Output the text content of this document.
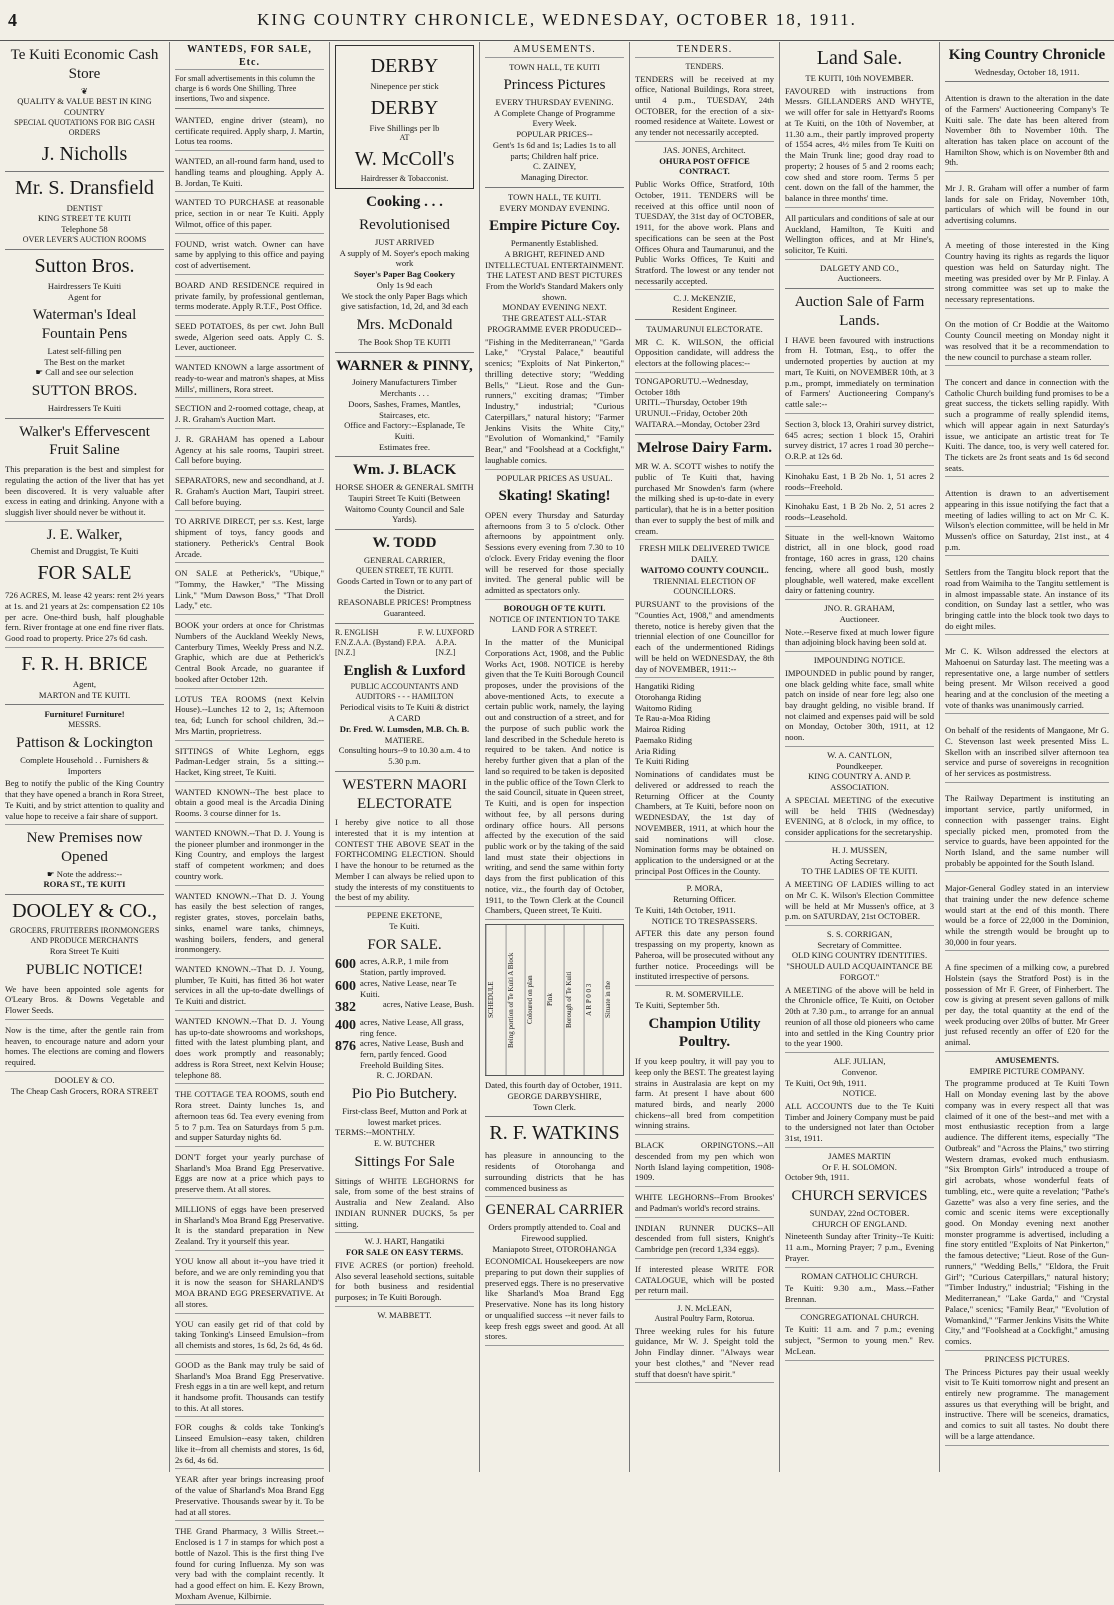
4	KING COUNTRY CHRONICLE, WEDNESDAY, OCTOBER 18, 1911.
Te Kuiti Economic Cash Store
❦
QUALITY & VALUE BEST IN KING COUNTRY
SPECIAL QUOTATIONS FOR BIG CASH ORDERS
J. Nicholls
Mr. S. Dransfield
DENTIST
KING STREET TE KUITI
Telephone 58
OVER LEVER'S AUCTION ROOMS
Sutton Bros.
Hairdressers Te Kuiti
Agent for
Waterman's Ideal Fountain Pens
Latest self-filling pen
The Best on the market
☛ Call and see our selection
SUTTON BROS.
Hairdressers Te Kuiti
Walker's Effervescent Fruit Saline
This preparation is the best and simplest for regulating the action of the liver that has yet been discovered. It is very valuable after excess in eating and drinking. Anyone with a sluggish liver should never be without it.
J. E. Walker,
Chemist and Druggist, Te Kuiti
FOR SALE
726 ACRES, M. lease 42 years: rent 2½ years at 1s. and 21 years at 2s: compensation £2 10s per acre. One-third bush, half ploughable fern. River frontage at one end fine river flats. Good road to property. Price 27s 6d cash.
F. R. H. BRICE
Agent,
MARTON and TE KUITI.
Furniture! Furniture!
MESSRS.
Pattison & Lockington
Complete Household . . Furnishers & Importers
Beg to notify the public of the King Country that they have opened a branch in Rora Street, Te Kuiti, and by strict attention to quality and value hope to receive a fair share of support.
New Premises now Opened
☛ Note the address:--
RORA ST., TE KUITI
DOOLEY & CO.,
GROCERS, FRUITERERS IRONMONGERS AND PRODUCE MERCHANTS
Rora Street Te Kuiti
PUBLIC NOTICE!
We have been appointed sole agents for O'Leary Bros. & Downs Vegetable and Flower Seeds.
Now is the time, after the gentle rain from heaven, to encourage nature and adorn your homes. The elections are coming and flowers required.
DOOLEY & CO.
The Cheap Cash Grocers, RORA STREET
WANTEDS, FOR SALE, Etc.
For small advertisements in this column the charge is 6 words One Shilling. Three insertions, Two and sixpence.
WANTED, engine driver (steam), no certificate required. Apply sharp, J. Martin, Lotus tea rooms.
WANTED, an all-round farm hand, used to handling teams and ploughing. Apply A. B. Jordan, Te Kuiti.
WANTED TO PURCHASE at reasonable price, section in or near Te Kuiti. Apply Wilmot, office of this paper.
FOUND, wrist watch. Owner can have same by applying to this office and paying cost of advertisement.
BOARD AND RESIDENCE required in private family, by professional gentleman, terms moderate. Apply R.T.F., Post Office.
SEED POTATOES, 8s per cwt. John Bull swede, Algerion seed oats. Apply C. S. Lever, auctioneer.
WANTED KNOWN a large assortment of ready-to-wear and matron's shapes, at Miss Mills', milliners, Rora street.
SECTION and 2-roomed cottage, cheap, at J. R. Graham's Auction Mart.
J. R. GRAHAM has opened a Labour Agency at his sale rooms, Taupiri street. Call before buying.
SEPARATORS, new and secondhand, at J. R. Graham's Auction Mart, Taupiri street. Call before buying.
TO ARRIVE DIRECT, per s.s. Kest, large shipment of toys, fancy goods and stationery. Petherick's Central Book Arcade.
ON SALE at Petherick's, "Ubique," "Tommy, the Hawker," "The Missing Link," "Mum Dawson Boss," "That Droll Lady," etc.
BOOK your orders at once for Christmas Numbers of the Auckland Weekly News, Canterbury Times, Weekly Press and N.Z. Graphic, which are due at Petherick's Central Book Arcade, no guarantee if booked after October 12th.
LOTUS TEA ROOMS (next Kelvin House).--Lunches 12 to 2, 1s; Afternoon tea, 6d; Lunch for school children, 3d.--Mrs Martin, proprietress.
SITTINGS of White Leghorn, eggs Padman-Ledger strain, 5s a sitting.--Hacket, King street, Te Kuiti.
WANTED KNOWN--The best place to obtain a good meal is the Arcadia Dining Rooms. 3 course dinner for 1s.
WANTED KNOWN.--That D. J. Young is the pioneer plumber and ironmonger in the King Country, and employs the largest staff of competent workmen; and does country work.
WANTED KNOWN.--That D. J. Young has easily the best selection of ranges, register grates, stoves, porcelain baths, sinks, enamel ware tanks, chimneys, washing boilers, fenders, and general ironmongery.
WANTED KNOWN.--That D. J. Young, plumber, Te Kuiti, has fitted 36 hot water services in all the up-to-date dwellings of Te Kuiti and district.
WANTED KNOWN.--That D. J. Young has up-to-date showrooms and workshops, fitted with the latest plumbing plant, and does work promptly and reasonably; address is Rora Street, next Kelvin House; telephone 88.
THE COTTAGE TEA ROOMS, south end Rora street. Dainty lunches 1s, and afternoon teas 6d. Tea every evening from 5 to 7 p.m. Tea on Saturdays from 5 p.m. and supper Saturday nights 6d.
DON'T forget your yearly purchase of Sharland's Moa Brand Egg Preservative. Eggs are now at a price which pays to preserve them. At all stores.
MILLIONS of eggs have been preserved in Sharland's Moa Brand Egg Preservative. It is the standard preparation in New Zealand. Try it yourself this year.
YOU know all about it--you have tried it before, and we are only reminding you that it is now the season for SHARLAND'S MOA BRAND EGG PRESERVATIVE. At all stores.
YOU can easily get rid of that cold by taking Tonking's Linseed Emulsion--from all chemists and stores, 1s 6d, 2s 6d, 4s 6d.
GOOD as the Bank may truly be said of Sharland's Moa Brand Egg Preservative. Fresh eggs in a tin are well kept, and return it handsome profit. Thousands can testify to this. At all stores.
FOR coughs & colds take Tonking's Linseed Emulsion--easy taken, children like it--from all chemists and stores, 1s 6d, 2s 6d, 4s 6d.
YEAR after year brings increasing proof of the value of Sharland's Moa Brand Egg Preservative. Thousands swear by it. To be had at all stores.
THE Grand Pharmacy, 3 Willis Street.--Enclosed is 1 7 in stamps for which post a bottle of Nazol. This is the first thing I've found for curing Influenza. My son was very bad with the complaint recently. It had a good effect on him. E. Kezy Brown, Moxham Avenue, Kilbirnie.
DERBY
Ninepence per stick
DERBY
Five Shillings per lb
AT
W. McColl's
Hairdresser & Tobacconist.
Cooking . . .
Revolutionised
JUST ARRIVED
A supply of M. Soyer's epoch making work
Soyer's Paper Bag Cookery
Only 1s 9d each
We stock the only Paper Bags which give satisfaction, 1d, 2d, and 3d each
Mrs. McDonald
The Book Shop TE KUITI
WARNER & PINNY,
Joinery Manufacturers Timber Merchants . . .
Doors, Sashes, Frames, Mantles, Staircases, etc.
Office and Factory:--Esplanade, Te Kuiti.
Estimates free.
Wm. J. BLACK
HORSE SHOER & GENERAL SMITH
Taupiri Street Te Kuiti (Between Waitomo County Council and Sale Yards).
W. TODD
GENERAL CARRIER,
QUEEN STREET, TE KUITI.
Goods Carted in Town or to any part of the District.
REASONABLE PRICES! Promptness Guaranteed.
R. ENGLISH	F. W. LUXFORD
F.N.Z.A.A. (Bystand) F.P.A. [N.Z.]
A.P.A. [N.Z.]
English & Luxford
PUBLIC ACCOUNTANTS AND AUDITORS - - - HAMILTON
Periodical visits to Te Kuiti & district
A CARD
Dr. Fred. W. Lumsden, M.B. Ch. B.
MATIERE.
Consulting hours--9 to 10.30 a.m. 4 to 5.30 p.m.
WESTERN MAORI ELECTORATE
I hereby give notice to all those interested that it is my intention at CONTEST THE ABOVE SEAT in the FORTHCOMING ELECTION. Should I have the honour to be returned as the Member I can always be relied upon to study the interests of my constituents to the best of my ability.
PEPENE EKETONE,
Te Kuiti.
FOR SALE.
600 acres, A.R.P., 1 mile from Station, partly improved.
600 acres, Native Lease, near Te Kuiti.
382	acres, Native Lease, Bush.
400 acres, Native Lease, All grass, ring fence.
876 acres, Native Lease, Bush and fern, partly fenced. Good Freehold Building Sites.
R. C. JORDAN.
Pio Pio Butchery.
First-class Beef, Mutton and Pork at lowest market prices.
TERMS:--MONTHLY.
E. W. BUTCHER
Sittings For Sale
Sittings of WHITE LEGHORNS for sale, from some of the best strains of Australia and New Zealand. Also INDIAN RUNNER DUCKS, 5s per sitting.
W. J. HART, Hangatiki
FOR SALE ON EASY TERMS.
FIVE ACRES (or portion) freehold. Also several leasehold sections, suitable for both business and residential purposes; in Te Kuiti Borough.
W. MABBETT.
AMUSEMENTS.
TOWN HALL, TE KUITI
Princess Pictures
EVERY THURSDAY EVENING.
A Complete Change of Programme Every Week.
POPULAR PRICES--
Gent's 1s 6d and 1s; Ladies 1s to all parts; Children half price.
C. ZAINEY,
Managing Director.
TOWN HALL, TE KUITI.
EVERY MONDAY EVENING.
Empire Picture Coy.
Permanently Established.
A BRIGHT, REFINED AND INTELLECTUAL ENTERTAINMENT.
THE LATEST AND BEST PICTURES From the World's Standard Makers only shown.
MONDAY EVENING NEXT.
THE GREATEST ALL-STAR PROGRAMME EVER PRODUCED--
"Fishing in the Mediterranean," "Garda Lake," "Crystal Palace," beautiful scenics; "Exploits of Nat Pinkerton," thrilling detective story; "Wedding Bells," "Lieut. Rose and the Gun-runners," exciting dramas; "Timber Industry," industrial; "Curious Caterpillars," natural history; "Farmer Jenkins Visits the White City," "Evolution of Womankind," "Family Bear," and "Foolshead at a Cockfight," laughable comics.
POPULAR PRICES AS USUAL.
Skating! Skating!
OPEN every Thursday and Saturday afternoons from 3 to 5 o'clock. Other afternoons by appointment only. Sessions every evening from 7.30 to 10 o'clock. Every Friday evening the floor will be reserved for those specially invited. The general public will be admitted as spectators only.
BOROUGH OF TE KUITI.
NOTICE OF INTENTION TO TAKE LAND FOR A STREET.
In the matter of the Municipal Corporations Act, 1908, and the Public Works Act, 1908. NOTICE is hereby given that the Te Kuiti Borough Council proposes, under the provisions of the above-mentioned Acts, to execute a certain public work, namely, the laying out and construction of a street, and for the purpose of such public work the land described in the Schedule hereto is required to be taken. And notice is hereby further given that a plan of the land so required to be taken is deposited in the public office of the Town Clerk to the said Council, situate in Queen street, Te Kuiti, and is open for inspection without fee, by all persons during ordinary office hours. All persons affected by the execution of the said public work or by the taking of the said land must state their objections in writing, and send the same within forty days from the first publication of this notice, viz., the fourth day of October, 1911, to the Town Clerk at the Council Chambers, Queen street, Te Kuiti.
SCHEDULE	Being portion of Te Kuiti A Block	Coloured on plan	Pink	Borough of Te Kuiti	A R P 0 0 3	Situate in the
Dated, this fourth day of October, 1911.
GEORGE DARBYSHIRE,
Town Clerk.
R. F. WATKINS
has pleasure in announcing to the residents of Otorohanga and surrounding districts that he has commenced business as
GENERAL CARRIER
Orders promptly attended to. Coal and Firewood supplied.
Maniapoto Street, OTOROHANGA
ECONOMICAL Housekeepers are now preparing to put down their supplies of preserved eggs. There is no preservative like Sharland's Moa Brand Egg Preservative. None has its long history or unqualified success --it never fails to keep fresh eggs sweet and good. At all stores.
TENDERS.
TENDERS.
TENDERS will be received at my office, National Buildings, Rora street, until 4 p.m., TUESDAY, 24th OCTOBER, for the erection of a six-roomed residence at Waitete. Lowest or any tender not necessarily accepted.
JAS. JONES, Architect.
OHURA POST OFFICE CONTRACT.
Public Works Office, Stratford, 10th October, 1911. TENDERS will be received at this office until noon of TUESDAY, the 31st day of OCTOBER, 1911, for the above work. Plans and specifications can be seen at the Post Offices Ohura and Taumarunui, and the Public Works Offices, Te Kuiti and Stratford. The lowest or any tender not necessarily accepted.
C. J. McKENZIE,
Resident Engineer.
TAUMARUNUI ELECTORATE.
MR C. K. WILSON, the official Opposition candidate, will address the electors at the following places:--
TONGAPORUTU.--Wednesday, October 18th
URITI.--Thursday, October 19th
URUNUI.--Friday, October 20th
WAITARA.--Monday, October 23rd
Melrose Dairy Farm.
MR W. A. SCOTT wishes to notify the public of Te Kuiti that, having purchased Mr Snowden's farm (where the milking shed is up-to-date in every particular), that he is in a better position than ever to supply the best of milk and cream.
FRESH MILK DELIVERED TWICE DAILY.
WAITOMO COUNTY COUNCIL.
TRIENNIAL ELECTION OF COUNCILLORS.
PURSUANT to the provisions of the "Counties Act, 1908," and amendments thereto, notice is hereby given that the triennial election of one Councillor for each of the undermentioned Ridings will be held on WEDNESDAY, the 8th day of NOVEMBER, 1911:--
Hangatiki Riding
Otorohanga Riding
Waitomo Riding
Te Rau-a-Moa Riding
Mairoa Riding
Paemako Riding
Aria Riding
Te Kuiti Riding
Nominations of candidates must be delivered or addressed to reach the Returning Officer at the County Chambers, at Te Kuiti, before noon on WEDNESDAY, the 1st day of NOVEMBER, 1911, at which hour the said nominations will close. Nomination forms may be obtained on application to the undersigned or at the principal Post Offices in the County.
P. MORA,
Returning Officer.
Te Kuiti, 14th October, 1911.
NOTICE TO TRESPASSERS.
AFTER this date any person found trespassing on my property, known as Paheroa, will be prosecuted without any further notice. Proceedings will be instituted irrespective of persons.
R. M. SOMERVILLE.
Te Kuiti, September 5th.
Champion Utility Poultry.
If you keep poultry, it will pay you to keep only the BEST. The greatest laying strains in Australasia are kept on my farm. At present I have about 600 matured birds, and nearly 2000 chickens--all bred from competition winning strains.
BLACK ORPINGTONS.--All descended from my pen which won North Island laying competition, 1908-1909.
WHITE LEGHORNS--From Brookes' and Padman's world's record strains.
INDIAN RUNNER DUCKS--All descended from full sisters, Knight's Cambridge pen (record 1,334 eggs).
If interested please WRITE FOR CATALOGUE, which will be posted per return mail.
J. N. McLEAN,
Austral Poultry Farm, Rotorua.
Three weeking rules for his future guidance, Mr W. J. Speight told the John Findlay dinner. "Always wear your best clothes," and "Never read stuff that doesn't have spirit."
Land Sale.
TE KUITI, 10th NOVEMBER.
FAVOURED with instructions from Messrs. GILLANDERS AND WHYTE, we will offer for sale in Hettyard's Rooms at Te Kuiti, on the 10th of November, at 11.30 a.m., their partly improved property of 1554 acres, 4½ miles from Te Kuiti on the Main Trunk line; good dray road to property; 2 houses of 5 and 2 rooms each; cow shed and store room. Terms 5 per cent. down on the fall of the hammer, the balance in three months' time.
All particulars and conditions of sale at our Auckland, Hamilton, Te Kuiti and Wellington offices, and at Mr Hine's, solicitor, Te Kuiti.
DALGETY AND CO.,
Auctioneers.
Auction Sale of Farm Lands.
I HAVE been favoured with instructions from H. Totman, Esq., to offer the undernoted properties by auction at my mart, Te Kuiti, on NOVEMBER 10th, at 3 p.m., prompt, immediately on termination of Farmers' Auctioneering Company's cattle sale:--
Section 3, block 13, Orahiri survey district, 645 acres; section 1 block 15, Orahiri survey district, 17 acres 1 road 30 perche--O.R.P. at 12s 6d.
Kinohaku East, 1 B 2b No. 1, 51 acres 2 roods--Freehold.
Kinohaku East, 1 B 2b No. 2, 51 acres 2 roods--Leasehold.
Situate in the well-known Waitomo district, all in one block, good road frontage, 160 acres in grass, 120 chains fencing, where all good bush, mostly ploughable, well watered, make excellent dairy or fattening country.
JNO. R. GRAHAM,
Auctioneer.
Note.--Reserve fixed at much lower figure than adjoining block having been sold at.
IMPOUNDING NOTICE.
IMPOUNDED in public pound by ranger, one black gelding white face, small white patch on inside of near fore leg; also one bay draught gelding, no visible brand. If not claimed and expenses paid will be sold on Monday, October 30th, 1911, at 12 noon.
W. A. CANTLON,
Poundkeeper.
KING COUNTRY A. AND P. ASSOCIATION.
A SPECIAL MEETING of the executive will be held THIS (Wednesday) EVENING, at 8 o'clock, in my office, to consider applications for the secretaryship.
H. J. MUSSEN,
Acting Secretary.
TO THE LADIES OF TE KUITI.
A MEETING OF LADIES willing to act on Mr C. K. Wilson's Election Committee will be held at Mr Mussen's office, at 3 p.m. on SATURDAY, 21st OCTOBER.
S. S. CORRIGAN,
Secretary of Committee.
OLD KING COUNTRY IDENTITIES.
"SHOULD AULD ACQUAINTANCE BE FORGOT."
A MEETING of the above will be held in the Chronicle office, Te Kuiti, on October 20th at 7.30 p.m., to arrange for an annual reunion of all those old pioneers who came into and settled in the King Country prior to the year 1900.
ALF. JULIAN,
Convenor.
Te Kuiti, Oct 9th, 1911.
NOTICE.
ALL ACCOUNTS due to the Te Kuiti Timber and Joinery Company must be paid to the undersigned not later than October 31st, 1911.
JAMES MARTIN
Or F. H. SOLOMON.
October 9th, 1911.
CHURCH SERVICES
SUNDAY, 22nd OCTOBER.
CHURCH OF ENGLAND.
Nineteenth Sunday after Trinity--Te Kuiti: 11 a.m., Morning Prayer; 7 p.m., Evening Prayer.
ROMAN CATHOLIC CHURCH.
Te Kuiti: 9.30 a.m., Mass.--Father Brennan.
CONGREGATIONAL CHURCH.
Te Kuiti: 11 a.m. and 7 p.m.; evening subject, "Sermon to young men." Rev. McLean.
King Country Chronicle
Wednesday, October 18, 1911.

Attention is drawn to the alteration in the date of the Farmers' Auctioneering Company's Te Kuiti sale. The date has been altered from November 8th to November 10th. The alteration has taken place on account of the Hamilton Show, which is on November 8th and 9th.

Mr J. R. Graham will offer a number of farm lands for sale on Friday, November 10th, particulars of which will be found in our advertising columns.

A meeting of those interested in the King Country having its rights as regards the liquor question was held on Saturday night. The meeting was presided over by Mr P. Finlay. A strong committee was set up to make the necessary representations.

On the motion of Cr Boddie at the Waitomo County Council meeting on Monday night it was resolved that it be a recommendation to the new council to purchase a steam roller.

The concert and dance in connection with the Catholic Church building fund promises to be a great success, the tickets selling rapidly. With such a programme of really splendid items, which will appear again in next Saturday's issue, we anticipate an artistic treat for Te Kuiti. The dance, too, is very well catered for. The tickets are 2s front seats and 1s 6d second seats.

Attention is drawn to an advertisement appearing in this issue notifying the fact that a meeting of ladies willing to act on Mr C. K. Wilson's election committee, will be held in Mr Mussen's office on Saturday, 21st inst., at 4 p.m.

Settlers from the Tangitu block report that the road from Waimiha to the Tangitu settlement is in almost impassable state. An instance of its condition, on Sunday last a settler, who was bringing cattle into the block took two days to do eight miles.

Mr C. K. Wilson addressed the electors at Mahoenui on Saturday last. The meeting was a representative one, a large number of settlers being present. Mr Wilson received a good hearing and at the conclusion of the meeting a vote of thanks was unanimously carried.

On behalf of the residents of Mangaone, Mr G. C. Stevenson last week presented Miss L. Skellon with an inscribed silver afternoon tea service and purse of sovereigns in recognition of her services as postmistress.

The Railway Department is instituting an important service, partly uniformed, in connection with passenger trains. Eight specially picked men, promoted from the service to guards, have been appointed for the North Island, and the same number will probably be appointed for the South Island.

Major-General Godley stated in an interview that training under the new defence scheme would start at the end of this month. There would be a force of 22,000 in the Dominion, while the strength would be brought up to 30,000 in four years.

A fine specimen of a milking cow, a purebred Holstein (says the Stratford Post) is in the possession of Mr F. Greer, of Finherbert. The cow is giving at present seven gallons of milk per day, the total quantity at the end of the week producing over 20lbs of butter. Mr Greer just refused recently an offer of £20 for the animal.

AMUSEMENTS.
EMPIRE PICTURE COMPANY.
The programme produced at Te Kuiti Town Hall on Monday evening last by the above company was in every respect all that was claimed of it one of the best--and met with a most enthusiastic reception from a large audience. The different items, especially "The Outbreak" and "Across the Plains," two stirring Western dramas, evoked much enthusiasm. "Six Brompton Girls" introduced a troupe of girl acrobats, whose wonderful feats of tumbling, etc., were quite a revelation; "Pathe's Gazette" was also a very fine series, and the comic and scenic items were exceptionally good. On Monday evening next another monster programme is advertised, including a fine story entitled "Exploits of Nat Pinkerton," the famous detective; "Lieut. Rose of the Gun-runners," "Wedding Bells," "Eldora, the Fruit Girl"; "Curious Caterpillars," natural history; "Timber Industry," industrial; "Fishing in the Mediterranean," "Lake Garda," and "Crystal Palace," scenics; "Family Bear," "Evolution of Womankind," "Farmer Jenkins Visits the White City," and "Foolshead at a Cockfight," amusing comics.
PRINCESS PICTURES.
The Princess Pictures pay their usual weekly visit to Te Kuiti tomorrow night and present an entirely new programme. The management assures us that everything will be bright, and instructive. There will be sceneics, dramatics, and comics to suit all tastes. No doubt there will be a large attendance.
